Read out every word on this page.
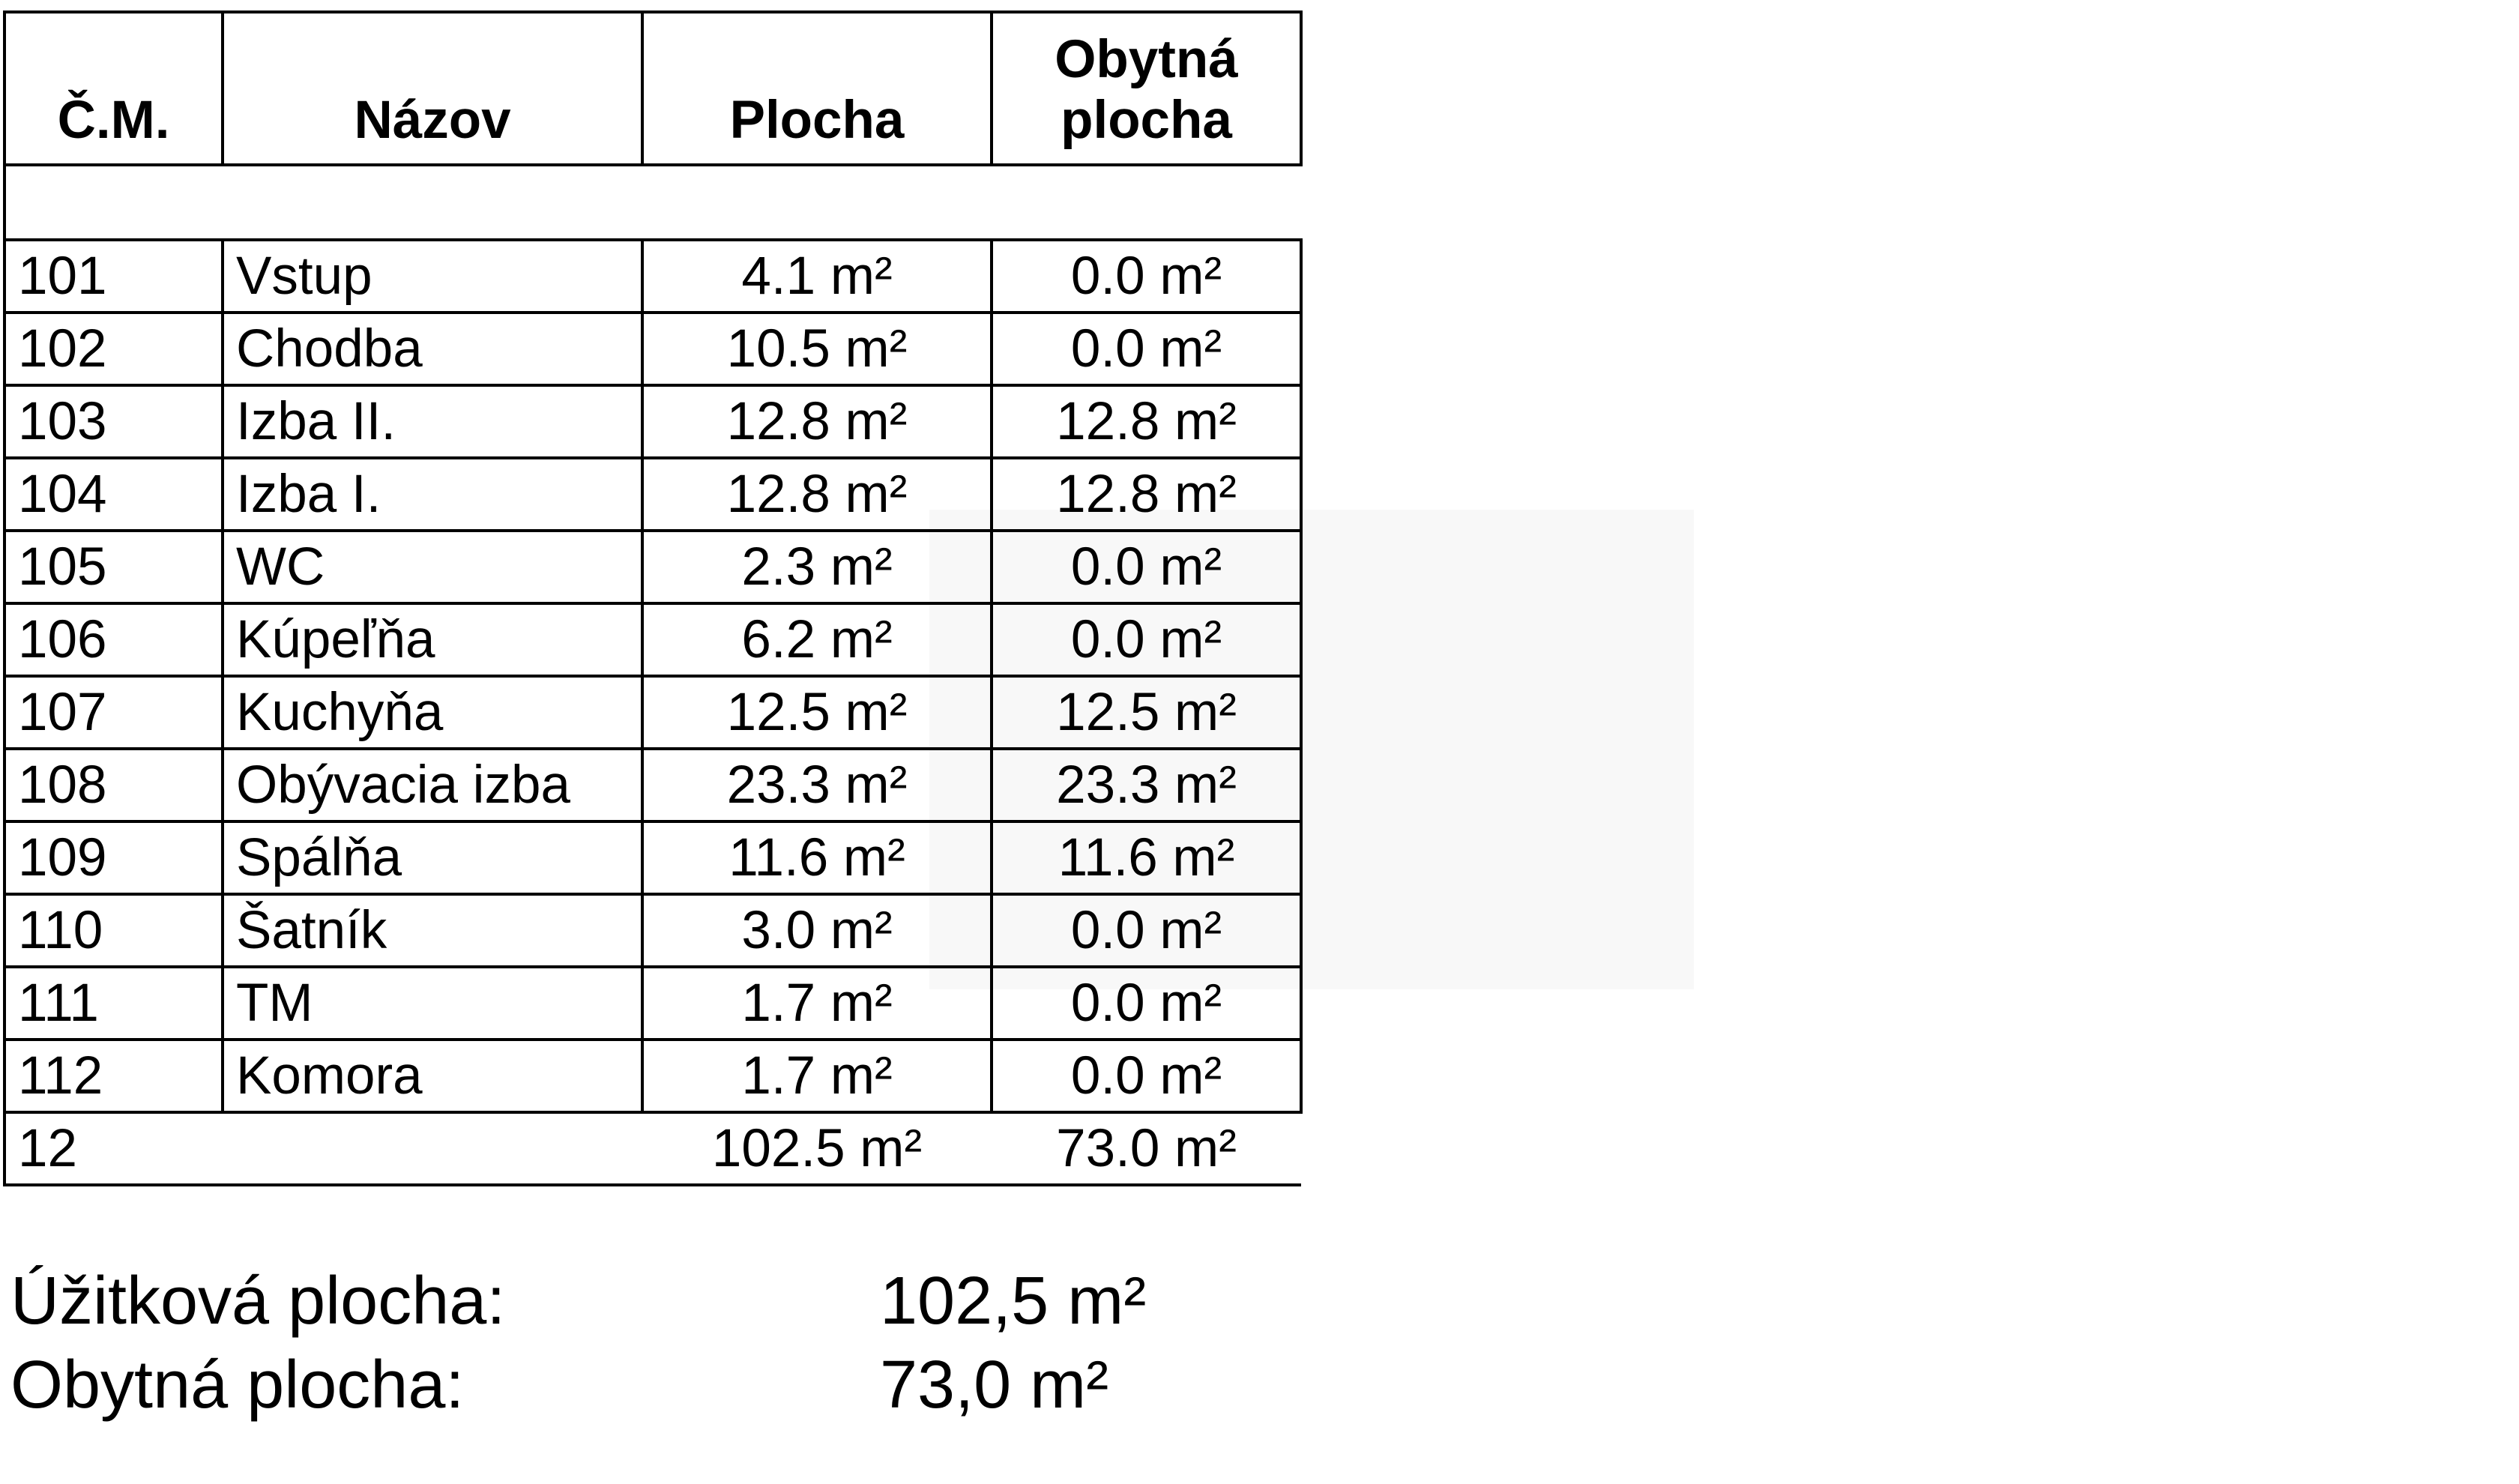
Č.M.	Názov	Plocha	Obytná plocha

101	Vstup	4.1 m²	0.0 m²
102	Chodba	10.5 m²	0.0 m²
103	Izba II.	12.8 m²	12.8 m²
104	Izba I.	12.8 m²	12.8 m²
105	WC	2.3 m²	0.0 m²
106	Kúpeľňa	6.2 m²	0.0 m²
107	Kuchyňa	12.5 m²	12.5 m²
108	Obývacia izba	23.3 m²	23.3 m²
109	Spálňa	11.6 m²	11.6 m²
110	Šatník	3.0 m²	0.0 m²
111	TM	1.7 m²	0.0 m²
112	Komora	1.7 m²	0.0 m²
12		102.5 m²	73.0 m²
Úžitková plocha:	102,5 m²
Obytná plocha:	73,0 m²
